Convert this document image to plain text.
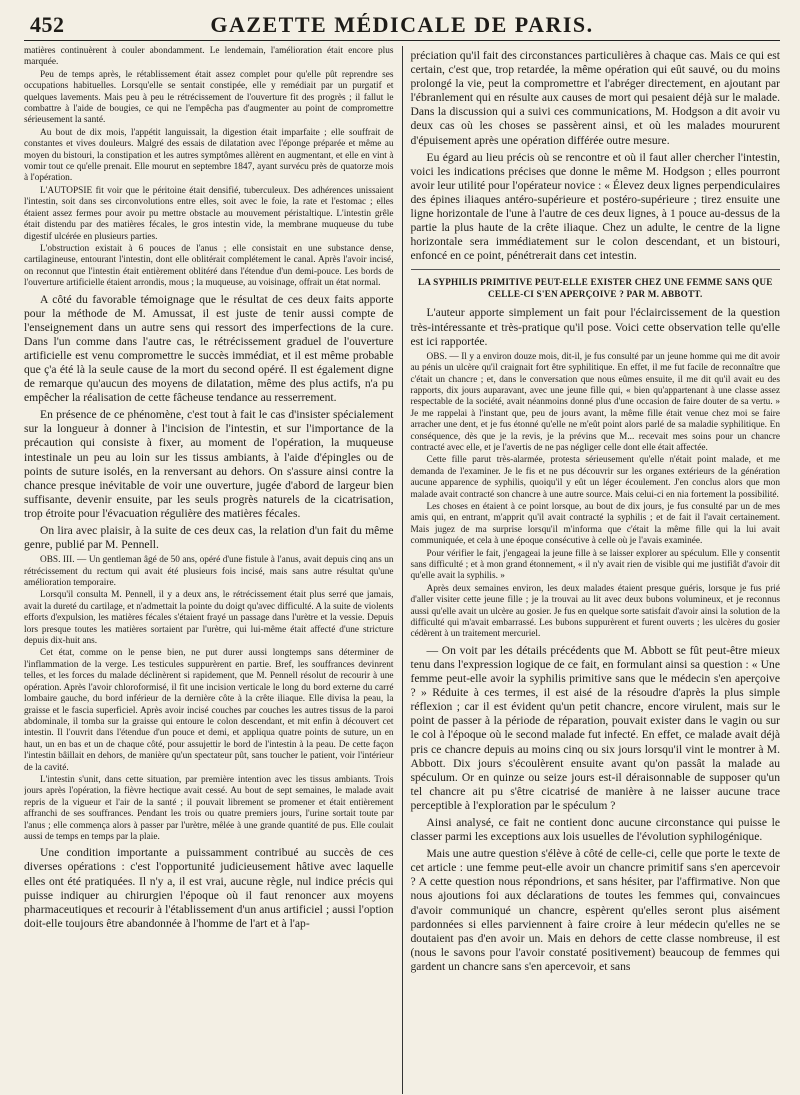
452	GAZETTE MÉDICALE DE PARIS.

matières continuèrent à couler abondamment. Le lendemain, l'amélioration était encore plus marquée.

Peu de temps après, le rétablissement était assez complet pour qu'elle pût reprendre ses occupations habituelles. Lorsqu'elle se sentait constipée, elle y remédiait par un purgatif et quelques lavements. Mais peu à peu le rétrécissement de l'ouverture fit des progrès ; il fallut le combattre à l'aide de bougies, ce qui ne l'empêcha pas d'augmenter au point de compromettre sérieusement la santé.

Au bout de dix mois, l'appétit languissait, la digestion était imparfaite ; elle souffrait de constantes et vives douleurs. Malgré des essais de dilatation avec l'éponge préparée et même au moyen du bistouri, la constipation et les autres symptômes allèrent en augmentant, et elle en vint à vomir tout ce qu'elle prenait. Elle mourut en septembre 1847, ayant survécu près de quatorze mois à l'opération.

L'AUTOPSIE fit voir que le péritoine était densifié, tuberculeux. Des adhérences unissaient l'intestin, soit dans ses circonvolutions entre elles, soit avec le foie, la rate et l'estomac ; elles étaient assez fermes pour avoir pu mettre obstacle au mouvement péristaltique. L'intestin grêle était distendu par des matières fécales, le gros intestin vide, la membrane muqueuse du tube digestif ulcérée en plusieurs parties.

L'obstruction existait à 6 pouces de l'anus ; elle consistait en une substance dense, cartilagineuse, entourant l'intestin, dont elle oblitérait complétement le canal. Après l'avoir incisé, on reconnut que l'intestin était entièrement oblitéré dans l'étendue d'un demi-pouce. Les bords de l'ouverture artificielle étaient arrondis, mous ; la muqueuse, au voisinage, offrait un état normal.

A côté du favorable témoignage que le résultat de ces deux faits apporte pour la méthode de M. Amussat, il est juste de tenir aussi compte de l'enseignement dans un autre sens qui ressort des imperfections de la cure. Dans l'un comme dans l'autre cas, le rétrécissement graduel de l'ouverture artificielle est venu compromettre le succès immédiat, et il est même probable que ç'a été là la seule cause de la mort du second opéré. Il est également digne de remarque qu'aucun des moyens de dilatation, même des plus actifs, n'a pu empêcher la réalisation de cette fâcheuse tendance au resserrement.

En présence de ce phénomène, c'est tout à fait le cas d'insister spécialement sur la longueur à donner à l'incision de l'intestin, et sur l'importance de la précaution qui consiste à fixer, au moment de l'opération, la muqueuse intestinale un peu au loin sur les tissus ambiants, à l'aide d'épingles ou de points de suture isolés, en la renversant au dehors. On s'assure ainsi contre la chance presque inévitable de voir une ouverture, jugée d'abord de largeur bien suffisante, devenir ensuite, par les seuls progrès naturels de la cicatrisation, trop étroite pour l'évacuation régulière des matières fécales.

On lira avec plaisir, à la suite de ces deux cas, la relation d'un fait du même genre, publié par M. Pennell.

OBS. III. — Un gentleman âgé de 50 ans, opéré d'une fistule à l'anus, avait depuis cinq ans un rétrécissement du rectum qui avait été plusieurs fois incisé, mais sans autre résultat qu'une amélioration temporaire.

Lorsqu'il consulta M. Pennell, il y a deux ans, le rétrécissement était plus serré que jamais, avait la dureté du cartilage, et n'admettait la pointe du doigt qu'avec difficulté. A la suite de violents efforts d'expulsion, les matières fécales s'étaient frayé un passage dans l'urètre et la vessie. Depuis lors presque toutes les matières sortaient par l'urètre, qui lui-même était affecté d'une stricture depuis dix-huit ans.

Cet état, comme on le pense bien, ne put durer aussi longtemps sans déterminer de l'inflammation de la verge. Les testicules suppurèrent en partie. Bref, les souffrances devinrent telles, et les forces du malade déclinèrent si rapidement, que M. Pennell résolut de recourir à une opération. Après l'avoir chloroformisé, il fit une incision verticale le long du bord externe du carré lombaire gauche, du bord inférieur de la dernière côte à la crête iliaque. Elle divisa la peau, la graisse et le fascia superficiel. Après avoir incisé couches par couches les autres tissus de la paroi abdominale, il tomba sur la graisse qui entoure le colon descendant, et mit enfin à découvert cet intestin. Il l'ouvrit dans l'étendue d'un pouce et demi, et appliqua quatre points de suture, un en haut, un en bas et un de chaque côté, pour assujettir le bord de l'intestin à la peau. De cette façon l'intestin bâillait en dehors, de manière qu'un spectateur pût, sans toucher le patient, voir l'intérieur de la cavité.

L'intestin s'unit, dans cette situation, par première intention avec les tissus ambiants. Trois jours après l'opération, la fièvre hectique avait cessé. Au bout de sept semaines, le malade avait repris de la vigueur et l'air de la santé ; il pouvait librement se promener et était entièrement affranchi de ses souffrances. Pendant les trois ou quatre premiers jours, l'urine sortait toute par l'anus ; elle commença alors à passer par l'urètre, mêlée à une grande quantité de pus. Elle coulait aussi de temps en temps par la plaie.

Une condition importante a puissamment contribué au succès de ces diverses opérations : c'est l'opportunité judicieusement hâtive avec laquelle elles ont été pratiquées. Il n'y a, il est vrai, aucune règle, nul indice précis qui puisse indiquer au chirurgien l'époque où il faut renoncer aux moyens pharmaceutiques et recourir à l'établissement d'un anus artificiel ; aussi l'option doit-elle toujours être abandonnée à l'homme de l'art et à l'ap-

préciation qu'il fait des circonstances particulières à chaque cas. Mais ce qui est certain, c'est que, trop retardée, la même opération qui eût sauvé, ou du moins prolongé la vie, peut la compromettre et l'abréger directement, en ajoutant par l'ébranlement qui en résulte aux causes de mort qui pesaient déjà sur le malade. Dans la discussion qui a suivi ces communications, M. Hodgson a dit avoir vu deux cas où les choses se passèrent ainsi, et où les malades moururent d'épuisement après une opération différée outre mesure.

Eu égard au lieu précis où se rencontre et où il faut aller chercher l'intestin, voici les indications précises que donne le même M. Hodgson ; elles pourront avoir leur utilité pour l'opérateur novice : « Élevez deux lignes perpendiculaires des épines iliaques antéro-supérieure et postéro-supérieure ; tirez ensuite une ligne horizontale de l'une à l'autre de ces deux lignes, à 1 pouce au-dessus de la partie la plus haute de la crête iliaque. Chez un adulte, le centre de la ligne horizontale sera immédiatement sur le colon descendant, et un bistouri, enfoncé en ce point, pénétrerait dans cet intestin.

LA SYPHILIS PRIMITIVE PEUT-ELLE EXISTER CHEZ UNE FEMME SANS QUE CELLE-CI S'EN APERÇOIVE ? PAR M. ABBOTT.

L'auteur apporte simplement un fait pour l'éclaircissement de la question très-intéressante et très-pratique qu'il pose. Voici cette observation telle qu'elle est ici rapportée.

OBS. — Il y a environ douze mois, dit-il, je fus consulté par un jeune homme qui me dit avoir au pénis un ulcère qu'il craignait fort être syphilitique. En effet, il me fut facile de reconnaître que c'était un chancre ; et, dans le conversation que nous eûmes ensuite, il me dit qu'il avait eu des rapports, dix jours auparavant, avec une jeune fille qui, « bien qu'appartenant à une classe assez respectable de la société, avait néanmoins donné plus d'une occasion de faire douter de sa vertu. » Je me rappelai à l'instant que, peu de jours avant, la même fille était venue chez moi se faire arracher une dent, et je fus étonné qu'elle ne m'eût point alors parlé de sa maladie syphilitique. En conséquence, dès que je la revis, je la prévins que M... recevait mes soins pour un chancre contracté avec elle, et je l'avertis de ne pas négliger celle dont elle était affectée.

Cette fille parut très-alarmée, protesta sérieusement qu'elle n'était point malade, et me demanda de l'examiner. Je le fis et ne pus découvrir sur les organes extérieurs de la génération aucune apparence de syphilis, quoiqu'il y eût un léger écoulement. J'en conclus alors que mon malade avait contracté son chancre à une autre source. Mais celui-ci en nia fortement la possibilité.

Les choses en étaient à ce point lorsque, au bout de dix jours, je fus consulté par un de mes amis qui, en entrant, m'apprit qu'il avait contracté la syphilis ; et de fait il l'avait certainement. Mais jugez de ma surprise lorsqu'il m'informa que c'était la même fille qui la lui avait communiquée, et cela à une époque consécutive à celle où je l'avais examinée.

Pour vérifier le fait, j'engageai la jeune fille à se laisser explorer au spéculum. Elle y consentit sans difficulté ; et à mon grand étonnement, « il n'y avait rien de visible qui me justifiât d'avoir dit qu'elle avait la syphilis. »

Après deux semaines environ, les deux malades étaient presque guéris, lorsque je fus prié d'aller visiter cette jeune fille ; je la trouvai au lit avec deux bubons volumineux, et je reconnus aussi qu'elle avait un ulcère au gosier. Je fus en quelque sorte satisfait d'avoir ainsi la solution de la difficulté qui m'avait embarrassé. Les bubons suppurèrent et furent ouverts ; les ulcères du gosier cédèrent à un traitement mercuriel.

— On voit par les détails précédents que M. Abbott se fût peut-être mieux tenu dans l'expression logique de ce fait, en formulant ainsi sa question : « Une femme peut-elle avoir la syphilis primitive sans que le médecin s'en aperçoive ? » Réduite à ces termes, il est aisé de la résoudre d'après la plus simple réflexion ; car il est évident qu'un petit chancre, encore virulent, mais sur le point de passer à la période de réparation, pouvait exister dans le vagin ou sur le col à l'époque où le second malade fut infecté. En effet, ce malade avait déjà pris ce chancre depuis au moins cinq ou six jours lorsqu'il vint le montrer à M. Abbott. Dix jours s'écoulèrent ensuite avant qu'on passât la malade au spéculum. Or en quinze ou seize jours est-il déraisonnable de supposer qu'un tel chancre ait pu s'être cicatrisé de manière à ne laisser aucune trace perceptible à l'exploration par le spéculum ?

Ainsi analysé, ce fait ne contient donc aucune circonstance qui puisse le classer parmi les exceptions aux lois usuelles de l'évolution syphilogénique.

Mais une autre question s'élève à côté de celle-ci, celle que porte le texte de cet article : une femme peut-elle avoir un chancre primitif sans s'en apercevoir ? A cette question nous répondrions, et sans hésiter, par l'affirmative. Non que nous ajoutions foi aux déclarations de toutes les femmes qui, convaincues d'avoir communiqué un chancre, espèrent qu'elles seront plus aisément pardonnées si elles parviennent à faire croire à leur médecin qu'elles ne se doutaient pas d'en avoir un. Mais en dehors de cette classe nombreuse, il est (nous le savons pour l'avoir constaté positivement) beaucoup de femmes qui gardent un chancre sans s'en apercevoir, et sans
